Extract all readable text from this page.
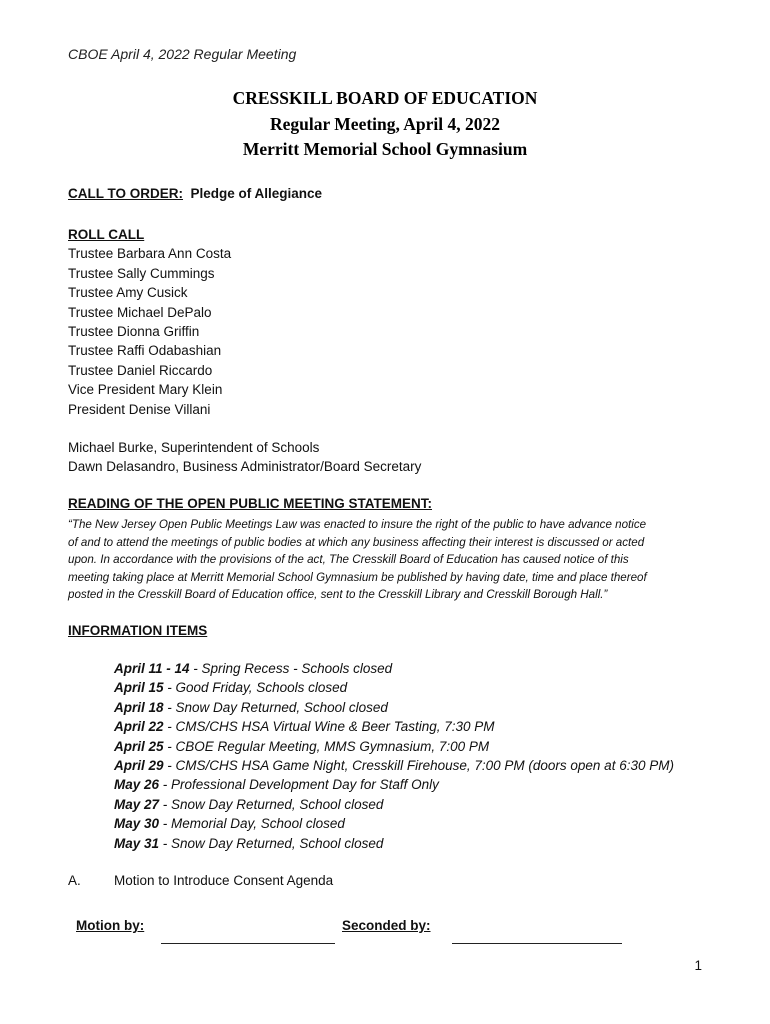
CBOE April 4, 2022 Regular Meeting
CRESSKILL BOARD OF EDUCATION
Regular Meeting, April 4, 2022
Merritt Memorial School Gymnasium
CALL TO ORDER: Pledge of Allegiance
ROLL CALL
Trustee Barbara Ann Costa
Trustee Sally Cummings
Trustee Amy Cusick
Trustee Michael DePalo
Trustee Dionna Griffin
Trustee Raffi Odabashian
Trustee Daniel Riccardo
Vice President Mary Klein
President Denise Villani
Michael Burke, Superintendent of Schools
Dawn Delasandro, Business Administrator/Board Secretary
READING OF THE OPEN PUBLIC MEETING STATEMENT:
“The New Jersey Open Public Meetings Law was enacted to insure the right of the public to have advance notice
of and to attend the meetings of public bodies at which any business affecting their interest is discussed or acted
upon. In accordance with the provisions of the act, The Cresskill Board of Education has caused notice of this
meeting taking place at Merritt Memorial School Gymnasium be published by having date, time and place thereof
posted in the Cresskill Board of Education office, sent to the Cresskill Library and Cresskill Borough Hall.”
INFORMATION ITEMS
April 11 - 14 - Spring Recess - Schools closed
April 15 - Good Friday, Schools closed
April 18 - Snow Day Returned, School closed
April 22 - CMS/CHS HSA Virtual Wine & Beer Tasting, 7:30 PM
April 25 - CBOE Regular Meeting, MMS Gymnasium, 7:00 PM
April 29 - CMS/CHS HSA Game Night, Cresskill Firehouse, 7:00 PM (doors open at 6:30 PM)
May 26 - Professional Development Day for Staff Only
May 27 - Snow Day Returned, School closed
May 30 - Memorial Day, School closed
May 31 - Snow Day Returned, School closed
A. Motion to Introduce Consent Agenda
Motion by:	Seconded by:
1
